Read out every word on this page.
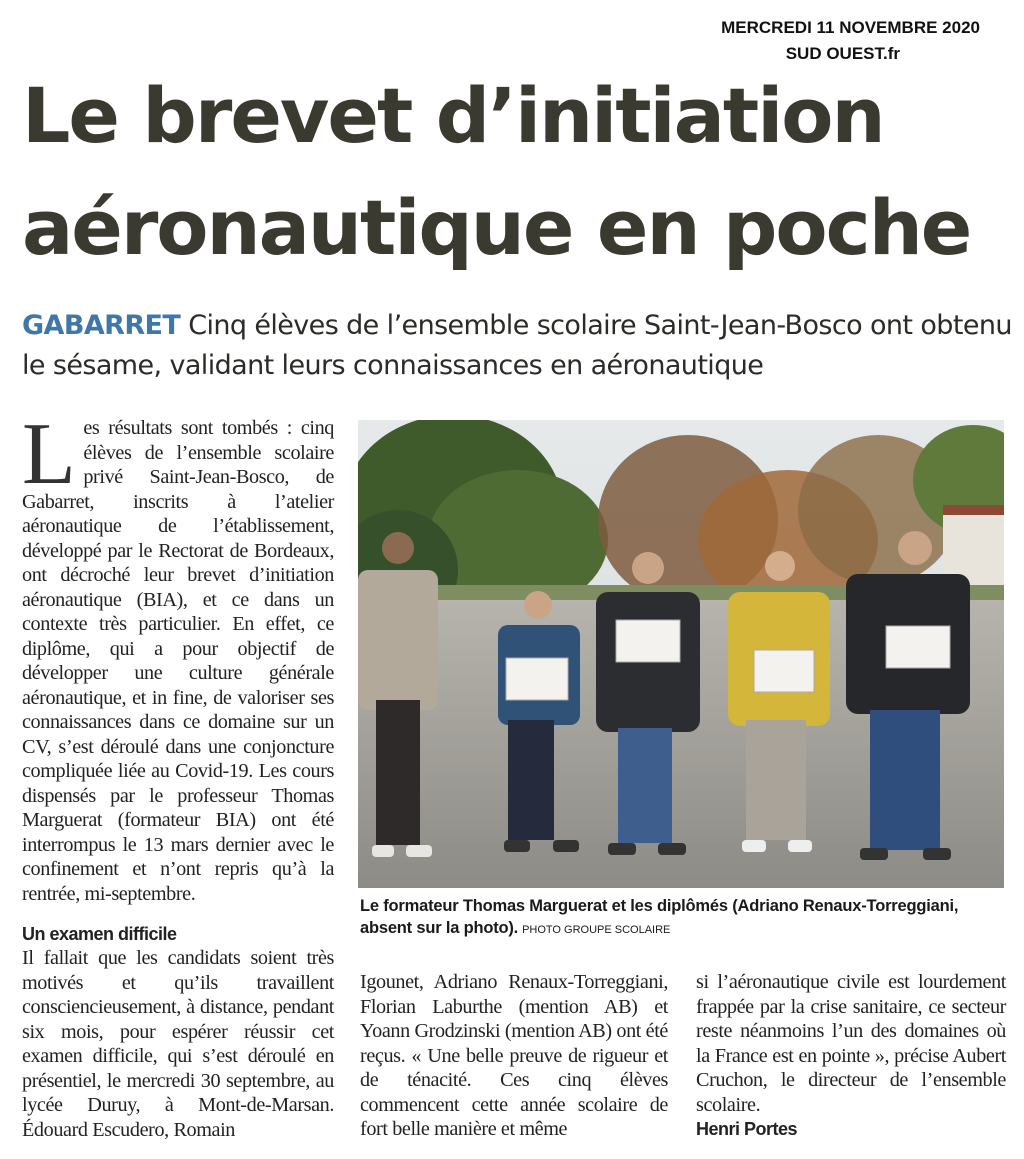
MERCREDI 11 NOVEMBRE 2020
SUD OUEST.fr
Le brevet d’initiation
aéronautique en poche
GABARRET Cinq élèves de l’ensemble scolaire Saint-Jean-Bosco ont obtenu le sésame, validant leurs connaissances en aéronautique
Les résultats sont tombés : cinq élèves de l’ensemble scolaire privé Saint-Jean-Bosco, de Gabarret, inscrits à l’atelier aéronautique de l’établissement, développé par le Rectorat de Bordeaux, ont décroché leur brevet d’initiation aéronautique (BIA), et ce dans un contexte très particulier. En effet, ce diplôme, qui a pour objectif de développer une culture générale aéronautique, et in fine, de valoriser ses connaissances dans ce domaine sur un CV, s’est déroulé dans une conjoncture compliquée liée au Covid-19. Les cours dispensés par le professeur Thomas Marguerat (formateur BIA) ont été interrompus le 13 mars dernier avec le confinement et n’ont repris qu’à la rentrée, mi-septembre.
Un examen difficile
Il fallait que les candidats soient très motivés et qu’ils travaillent consciencieusement, à distance, pendant six mois, pour espérer réussir cet examen difficile, qui s’est déroulé en présentiel, le mercredi 30 septembre, au lycée Duruy, à Mont-de-Marsan. Édouard Escudero, Romain
Igounet, Adriano Renaux-Torreggiani, Florian Laburthe (mention AB) et Yoann Grodzinski (mention AB) ont été reçus. « Une belle preuve de rigueur et de ténacité. Ces cinq élèves commencent cette année scolaire de fort belle manière et même
si l’aéronautique civile est lourdement frappée par la crise sanitaire, ce secteur reste néanmoins l’un des domaines où la France est en pointe », précise Aubert Cruchon, le directeur de l’ensemble scolaire.
Henri Portes
Le formateur Thomas Marguerat et les diplômés (Adriano Renaux-Torreggiani, absent sur la photo). PHOTO GROUPE SCOLAIRE
